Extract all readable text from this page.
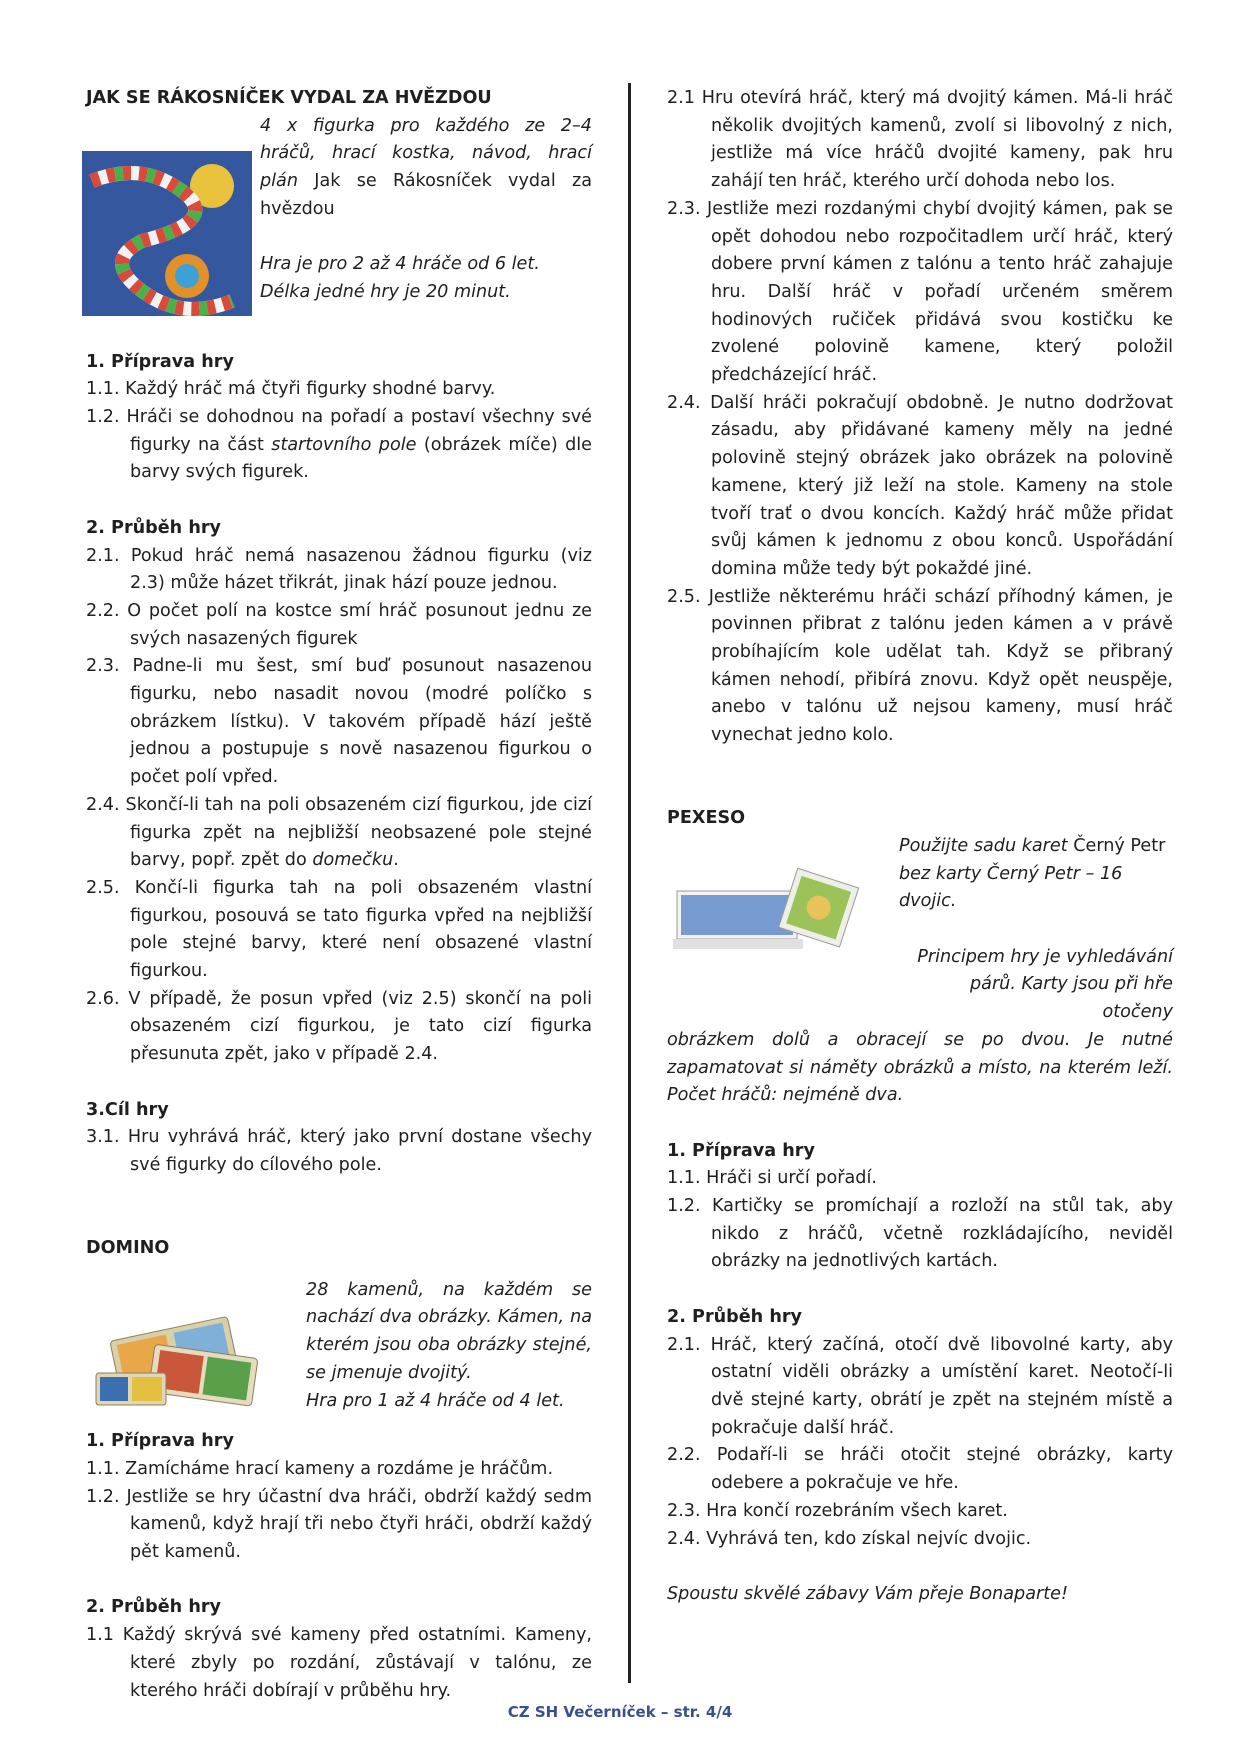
JAK SE RÁKOSNÍČEK VYDAL ZA HVĚZDOU

4 x figurka pro každého ze 2–4 hráčů, hrací kostka, návod, hrací plán Jak se Rákosníček vydal za hvězdou

Hra je pro 2 až 4 hráče od 6 let.

Délka jedné hry je 20 minut.

1. Příprava hry

1.1. Každý hráč má čtyři figurky shodné barvy.

1.2. Hráči se dohodnou na pořadí a postaví všechny své figurky na část startovního pole (obrázek míče) dle barvy svých figurek.

2. Průběh hry

2.1. Pokud hráč nemá nasazenou žádnou figurku (viz 2.3) může házet třikrát, jinak hází pouze jednou.

2.2. O počet polí na kostce smí hráč posunout jednu ze svých nasazených figurek

2.3. Padne-li mu šest, smí buď posunout nasazenou figurku, nebo nasadit novou (modré políčko s obrázkem lístku). V takovém případě hází ještě jednou a postupuje s nově nasazenou figurkou o počet polí vpřed.

2.4. Skončí-li tah na poli obsazeném cizí figurkou, jde cizí figurka zpět na nejbližší neobsazené pole stejné barvy, popř. zpět do domečku.

2.5. Končí-li figurka tah na poli obsazeném vlastní figurkou, posouvá se tato figurka vpřed na nejbližší pole stejné barvy, které není obsazené vlastní figurkou.

2.6. V případě, že posun vpřed (viz 2.5) skončí na poli obsazeném cizí figurkou, je tato cizí figurka přesunuta zpět, jako v případě 2.4.

3.Cíl hry

3.1. Hru vyhrává hráč, který jako první dostane všechy své figurky do cílového pole.

DOMINO

28 kamenů, na každém se nachází dva obrázky. Kámen, na kterém jsou oba obrázky stejné, se jmenuje dvojitý.

Hra pro 1 až 4 hráče od 4 let.

1. Příprava hry

1.1. Zamícháme hrací kameny a rozdáme je hráčům.

1.2. Jestliže se hry účastní dva hráči, obdrží každý sedm kamenů, když hrají tři nebo čtyři hráči, obdrží každý pět kamenů.

2. Průběh hry

1.1 Každý skrývá své kameny před ostatními. Kameny, které zbyly po rozdání, zůstávají v talónu, ze kterého hráči dobírají v průběhu hry.

2.1 Hru otevírá hráč, který má dvojitý kámen. Má-li hráč několik dvojitých kamenů, zvolí si libovolný z nich, jestliže má více hráčů dvojité kameny, pak hru zahájí ten hráč, kterého určí dohoda nebo los.

2.3. Jestliže mezi rozdanými chybí dvojitý kámen, pak se opět dohodou nebo rozpočitadlem určí hráč, který dobere první kámen z talónu a tento hráč zahajuje hru. Další hráč v pořadí určeném směrem hodinových ručiček přidává svou kostičku ke zvolené polovině kamene, který položil předcházející hráč.

2.4. Další hráči pokračují obdobně. Je nutno dodržovat zásadu, aby přidávané kameny měly na jedné polovině stejný obrázek jako obrázek na polovině kamene, který již leží na stole. Kameny na stole tvoří trať o dvou koncích. Každý hráč může přidat svůj kámen k jednomu z obou konců. Uspořádání domina může tedy být pokaždé jiné.

2.5. Jestliže některému hráči schází příhodný kámen, je povinnen přibrat z talónu jeden kámen a v právě probíhajícím kole udělat tah. Když se přibraný kámen nehodí, přibírá znovu. Když opět neuspěje, anebo v talónu už nejsou kameny, musí hráč vynechat jedno kolo.

PEXESO

Použijte sadu karet Černý Petr

bez karty Černý Petr – 16 dvojic.

Principem hry je vyhledávání

párů. Karty jsou při hře otočeny

obrázkem dolů a obracejí se po dvou. Je nutné zapamatovat si náměty obrázků a místo, na kterém leží. Počet hráčů: nejméně dva.

1. Příprava hry

1.1. Hráči si určí pořadí.

1.2. Kartičky se promíchají a rozloží na stůl tak, aby nikdo z hráčů, včetně rozkládajícího, neviděl obrázky na jednotlivých kartách.

2. Průběh hry

2.1. Hráč, který začíná, otočí dvě libovolné karty, aby ostatní viděli obrázky a umístění karet. Neotočí-li dvě stejné karty, obrátí je zpět na stejném místě a pokračuje další hráč.

2.2. Podaří-li se hráči otočit stejné obrázky, karty odebere a pokračuje ve hře.

2.3. Hra končí rozebráním všech karet.

2.4. Vyhrává ten, kdo získal nejvíc dvojic.

Spoustu skvělé zábavy Vám přeje Bonaparte!

CZ SH Večerníček – str. 4/4
